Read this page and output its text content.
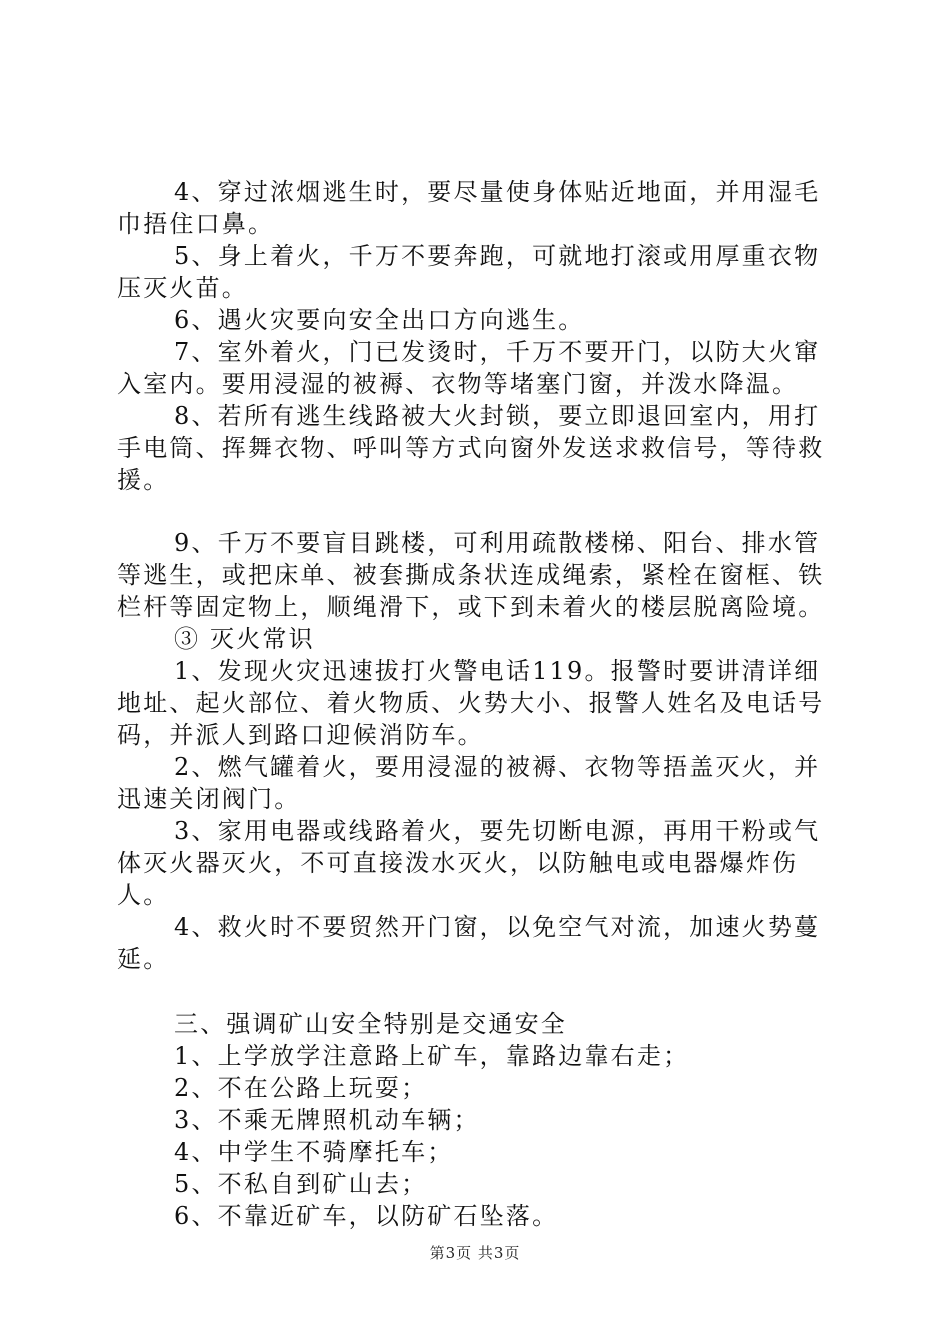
4、穿过浓烟逃生时，要尽量使身体贴近地面，并用湿毛巾捂住口鼻。

5、身上着火，千万不要奔跑，可就地打滚或用厚重衣物压灭火苗。

6、遇火灾要向安全出口方向逃生。

7、室外着火，门已发烫时，千万不要开门，以防大火窜入室内。要用浸湿的被褥、衣物等堵塞门窗，并泼水降温。

8、若所有逃生线路被大火封锁，要立即退回室内，用打手电筒、挥舞衣物、呼叫等方式向窗外发送求救信号，等待救援。

9、千万不要盲目跳楼，可利用疏散楼梯、阳台、排水管等逃生，或把床单、被套撕成条状连成绳索，紧栓在窗框、铁栏杆等固定物上，顺绳滑下，或下到未着火的楼层脱离险境。

③ 灭火常识

1、发现火灾迅速拔打火警电话119。报警时要讲清详细地址、起火部位、着火物质、火势大小、报警人姓名及电话号码，并派人到路口迎候消防车。

2、燃气罐着火，要用浸湿的被褥、衣物等捂盖灭火，并迅速关闭阀门。

3、家用电器或线路着火，要先切断电源，再用干粉或气体灭火器灭火，不可直接泼水灭火，以防触电或电器爆炸伤人。

4、救火时不要贸然开门窗，以免空气对流，加速火势蔓延。

三、强调矿山安全特别是交通安全

1、上学放学注意路上矿车，靠路边靠右走；

2、不在公路上玩耍；

3、不乘无牌照机动车辆；

4、中学生不骑摩托车；

5、不私自到矿山去；

6、不靠近矿车，以防矿石坠落。

第3页 共3页
